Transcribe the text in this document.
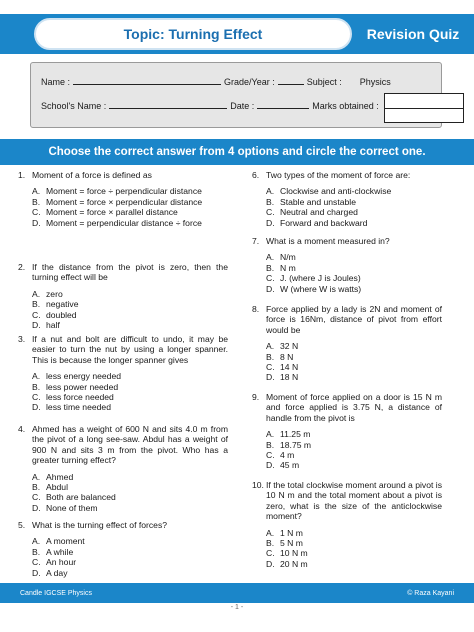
Topic: Turning Effect	Revision Quiz
Name :	Grade/Year :	Subject : Physics
School's Name :	Date :	Marks obtained :
Choose the correct answer from 4 options and circle the correct one.
1. Moment of a force is defined as
A. Moment = force ÷ perpendicular distance
B. Moment = force × perpendicular distance
C. Moment = force × parallel distance
D. Moment = perpendicular distance ÷ force
2. If the distance from the pivot is zero, then the turning effect will be
A. zero
B. negative
C. doubled
D. half
3. If a nut and bolt are difficult to undo, it may be easier to turn the nut by using a longer spanner. This is because the longer spanner gives
A. less energy needed
B. less power needed
C. less force needed
D. less time needed
4. Ahmed has a weight of 600 N and sits 4.0 m from the pivot of a long see-saw. Abdul has a weight of 900 N and sits 3 m from the pivot. Who has a greater turning effect?
A. Ahmed
B. Abdul
C. Both are balanced
D. None of them
5. What is the turning effect of forces?
A. A moment
B. A while
C. An hour
D. A day
6. Two types of the moment of force are:
A. Clockwise and anti-clockwise
B. Stable and unstable
C. Neutral and charged
D. Forward and backward
7. What is a moment measured in?
A. N/m
B. N m
C. J. (where J is Joules)
D. W (where W is watts)
8. Force applied by a lady is 2N and moment of force is 16Nm, distance of pivot from effort would be
A. 32 N
B. 8 N
C. 14 N
D. 18 N
9. Moment of force applied on a door is 15 N m and force applied is 3.75 N, a distance of handle from the pivot is
A. 11.25 m
B. 18.75 m
C. 4 m
D. 45 m
10. If the total clockwise moment around a pivot is 10 N m and the total moment about a pivot is zero, what is the size of the anticlockwise moment?
A. 1 N m
B. 5 N m
C. 10 N m
D. 20 N m
Candle IGCSE Physics	© Raza Kayani
- 1 -
